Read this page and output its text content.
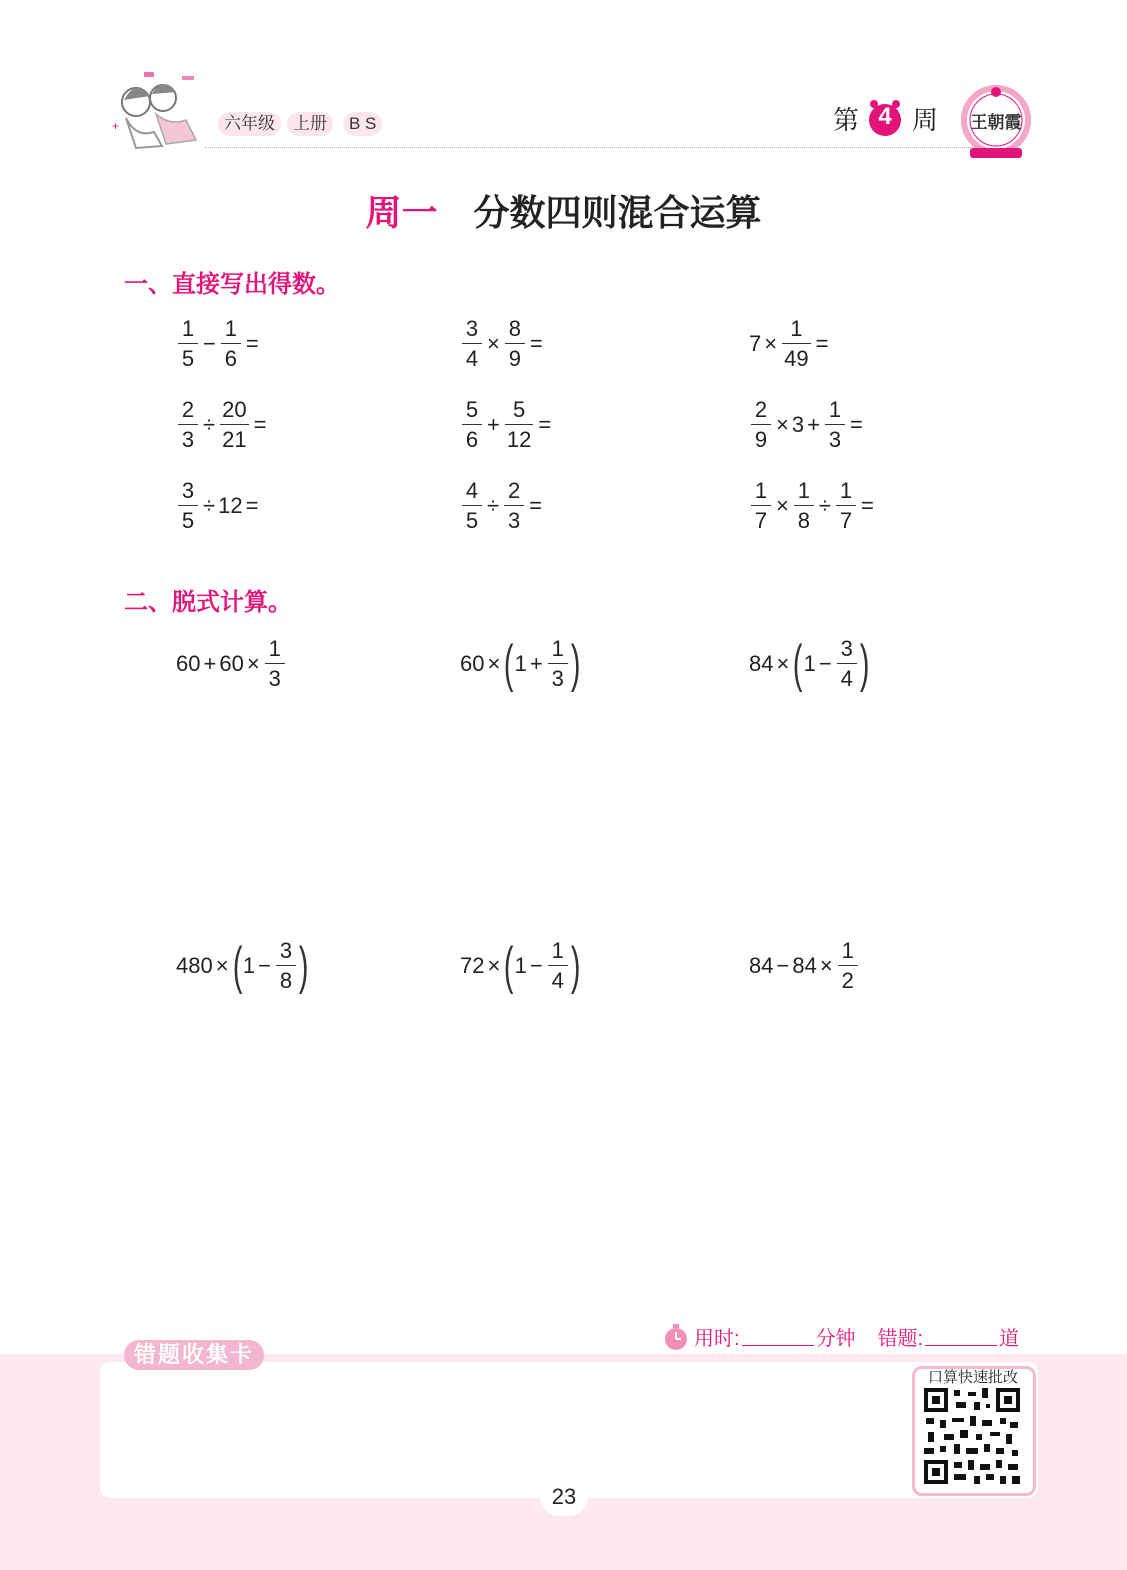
+	六年级	上册	B S	第 4 周	王朝霞
周一 分数四则混合运算
一、直接写出得数。
$\frac{1}{5} - \frac{1}{6}$ =	$\frac{3}{4} \times \frac{8}{9}$ =	$7 \times \frac{1}{49}$ =
$\frac{2}{3} \div \frac{20}{21}$ =	$\frac{5}{6} + \frac{5}{12}$ =	$\frac{2}{9} \times 3 + \frac{1}{3}$ =
$\frac{3}{5} \div 12$ =	$\frac{4}{5} \div \frac{2}{3}$ =	$\frac{1}{7} \times \frac{1}{8} \div \frac{1}{7}$ =
二、脱式计算。
$60 + 60 \times \frac{1}{3}$	60 × ( $1 + \frac{1}{3}$ )	84 × ( $1 - \frac{3}{4}$ )
480 × ( $1 - \frac{3}{8}$ )	72 × ( $1 - \frac{1}{4}$ )	$84 - 84 \times \frac{1}{2}$
用时:	分钟 错题:	道
错题收集卡
口算快速批改
23
